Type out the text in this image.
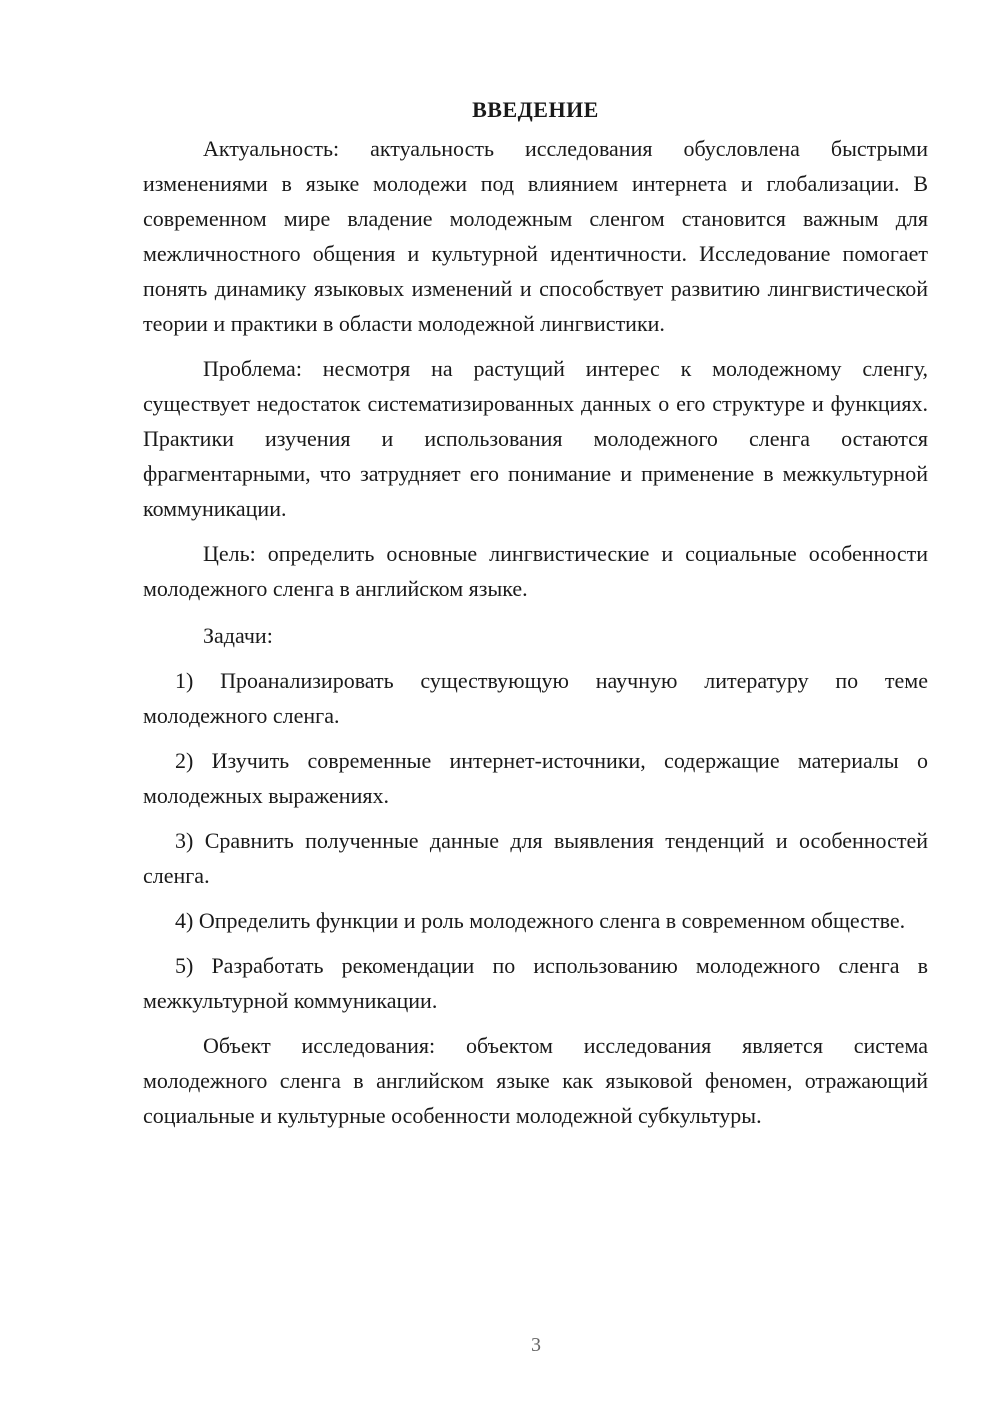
ВВЕДЕНИЕ

Актуальность: актуальность исследования обусловлена быстрыми изменениями в языке молодежи под влиянием интернета и глобализации. В современном мире владение молодежным сленгом становится важным для межличностного общения и культурной идентичности. Исследование помогает понять динамику языковых изменений и способствует развитию лингвистической теории и практики в области молодежной лингвистики.

Проблема: несмотря на растущий интерес к молодежному сленгу, существует недостаток систематизированных данных о его структуре и функциях. Практики изучения и использования молодежного сленга остаются фрагментарными, что затрудняет его понимание и применение в межкультурной коммуникации.

Цель: определить основные лингвистические и социальные особенности молодежного сленга в английском языке.

Задачи:

1) Проанализировать существующую научную литературу по теме молодежного сленга.

2) Изучить современные интернет-источники, содержащие материалы о молодежных выражениях.

3) Сравнить полученные данные для выявления тенденций и особенностей сленга.

4) Определить функции и роль молодежного сленга в современном обществе.

5) Разработать рекомендации по использованию молодежного сленга в межкультурной коммуникации.

Объект исследования: объектом исследования является система молодежного сленга в английском языке как языковой феномен, отражающий социальные и культурные особенности молодежной субкультуры.

3
